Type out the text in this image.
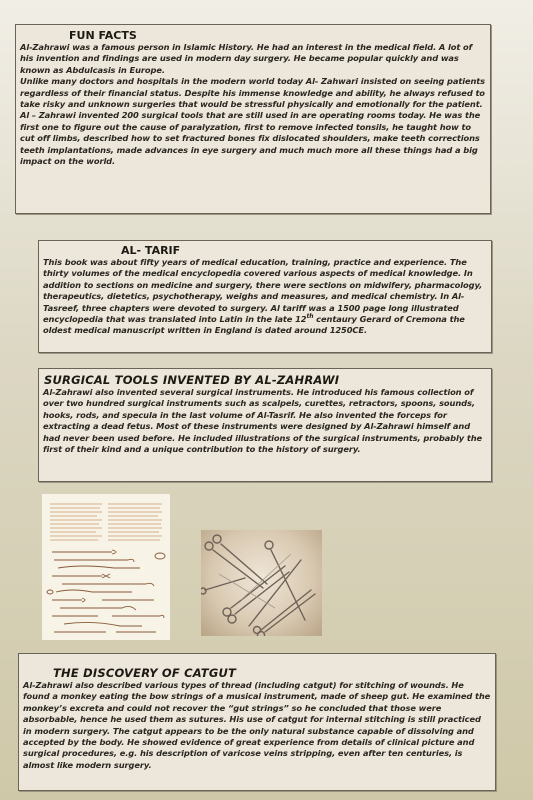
FUN FACTS

Al-Zahrawi was a famous person in Islamic History. He had an interest in the medical field. A lot of his invention and findings are used in modern day surgery. He became popular quickly and was known as Abdulcasis in Europe.

Unlike many doctors and hospitals in the modern world today Al- Zahwari insisted on seeing patients regardless of their financial status. Despite his immense knowledge and ability, he always refused to take risky and unknown surgeries that would be stressful physically and emotionally for the patient. Al – Zahrawi invented 200 surgical tools that are still used in are operating rooms today. He was the first one to figure out the cause of paralyzation, first to remove infected tonsils, he taught how to cut off limbs, described how to set fractured bones fix dislocated shoulders, make teeth corrections teeth implantations, made advances in eye surgery and much much more all these things had a big impact on the world.

AL- TARIF

This book was about fifty years of medical education, training, practice and experience. The thirty volumes of the medical encyclopedia covered various aspects of medical knowledge. In addition to sections on medicine and surgery, there were sections on midwifery, pharmacology, therapeutics, dietetics, psychotherapy, weighs and measures, and medical chemistry. In Al-Tasreef, three chapters were devoted to surgery. Al tariff was a 1500 page long illustrated encyclopedia that was translated into Latin in the late 12th centaury Gerard of Cremona the oldest medical manuscript written in England is dated around 1250CE.

SURGICAL TOOLS INVENTED BY AL-ZAHRAWI

Al-Zahrawi also invented several surgical instruments. He introduced his famous collection of over two hundred surgical instruments such as scalpels, curettes, retractors, spoons, sounds, hooks, rods, and specula in the last volume of Al-Tasrif. He also invented the forceps for extracting a dead fetus. Most of these instruments were designed by Al-Zahrawi himself and had never been used before. He included illustrations of the surgical instruments, probably the first of their kind and a unique contribution to the history of surgery.

THE DISCOVERY OF CATGUT

Al-Zahrawi also described various types of thread (including catgut) for stitching of wounds. He found a monkey eating the bow strings of a musical instrument, made of sheep gut. He examined the monkey’s excreta and could not recover the “gut strings” so he concluded that those were absorbable, hence he used them as sutures. His use of catgut for internal stitching is still practiced in modern surgery. The catgut appears to be the only natural substance capable of dissolving and accepted by the body. He showed evidence of great experience from details of clinical picture and surgical procedures, e.g. his description of varicose veins stripping, even after ten centuries, is almost like modern surgery.
